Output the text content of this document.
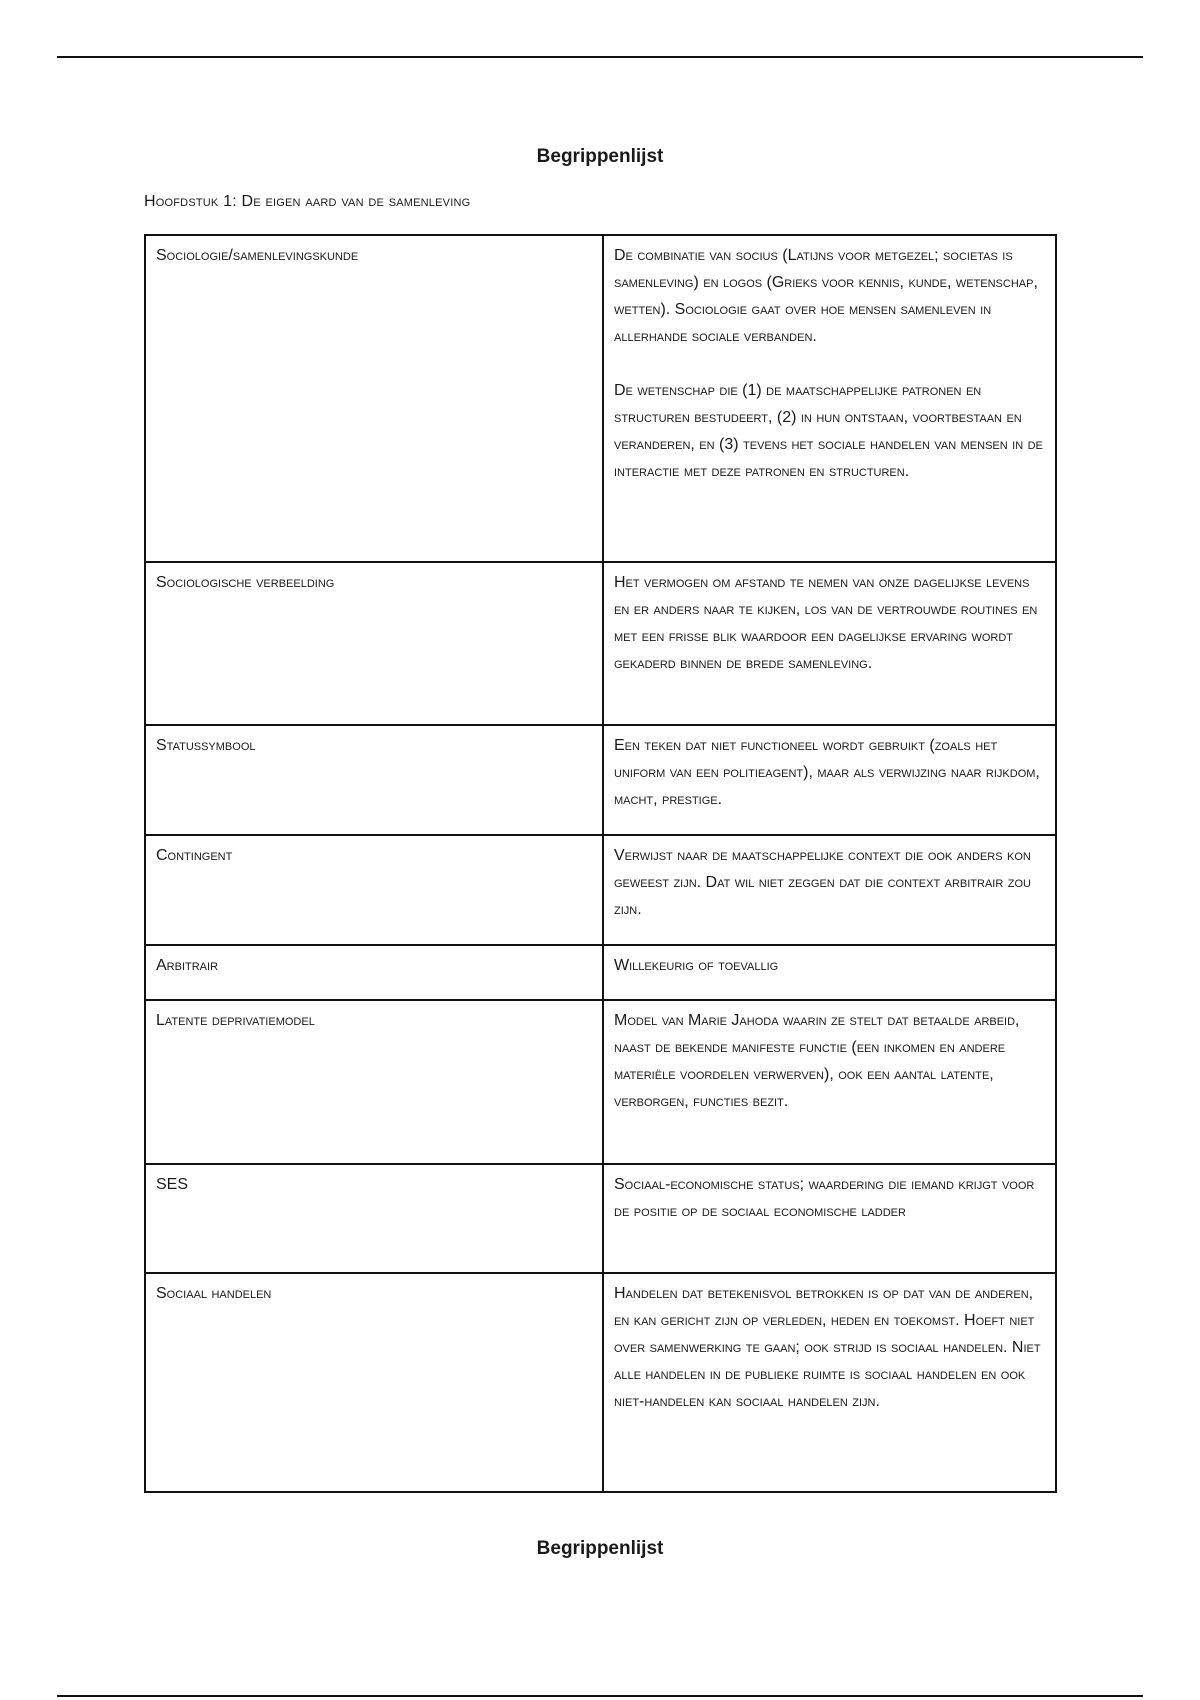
Begrippenlijst
Hoofdstuk 1: De eigen aard van de samenleving
Sociologie/samenlevingskunde	De combinatie van socius (Latijns voor metgezel; societas is samenleving) en logos (Grieks voor kennis, kunde, wetenschap, wetten). Sociologie gaat over hoe mensen samenleven in allerhande sociale verbanden.

De wetenschap die (1) de maatschappelijke patronen en structuren bestudeert, (2) in hun ontstaan, voortbestaan en veranderen, en (3) tevens het sociale handelen van mensen in de interactie met deze patronen en structuren.

Sociologische verbeelding	Het vermogen om afstand te nemen van onze dagelijkse levens en er anders naar te kijken, los van de vertrouwde routines en met een frisse blik waardoor een dagelijkse ervaring wordt gekaderd binnen de brede samenleving.

Statussymbool	Een teken dat niet functioneel wordt gebruikt (zoals het uniform van een politieagent), maar als verwijzing naar rijkdom, macht, prestige.

Contingent	Verwijst naar de maatschappelijke context die ook anders kon geweest zijn. Dat wil niet zeggen dat die context arbitrair zou zijn.

Arbitrair	Willekeurig of toevallig

Latente deprivatiemodel	Model van Marie Jahoda waarin ze stelt dat betaalde arbeid, naast de bekende manifeste functie (een inkomen en andere materiële voordelen verwerven), ook een aantal latente, verborgen, functies bezit.

SES	Sociaal-economische status; waardering die iemand krijgt voor de positie op de sociaal economische ladder

Sociaal handelen	Handelen dat betekenisvol betrokken is op dat van de anderen, en kan gericht zijn op verleden, heden en toekomst. Hoeft niet over samenwerking te gaan; ook strijd is sociaal handelen. Niet alle handelen in de publieke ruimte is sociaal handelen en ook niet-handelen kan sociaal handelen zijn.

Begrippenlijst
